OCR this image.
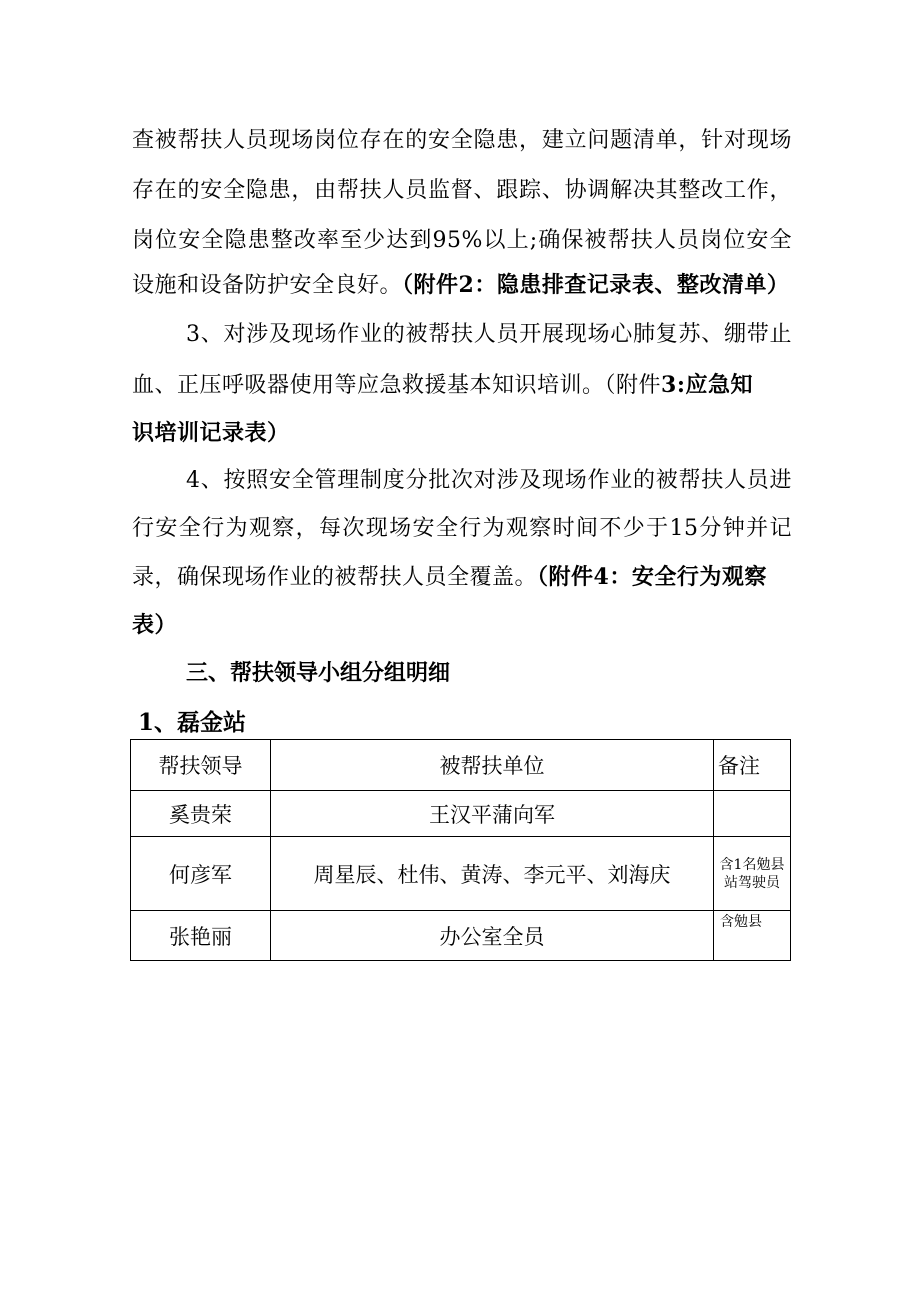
查被帮扶人员现场岗位存在的安全隐患，建立问题清单，针对现场
存在的安全隐患，由帮扶人员监督、跟踪、协调解决其整改工作，
岗位安全隐患整改率至少达到95%以上;确保被帮扶人员岗位安全
设施和设备防护安全良好。（附件2：隐患排查记录表、整改清单）
3、对涉及现场作业的被帮扶人员开展现场心肺复苏、绷带止
血、正压呼吸器使用等应急救援基本知识培训。（附件3:应急知
识培训记录表）
4、按照安全管理制度分批次对涉及现场作业的被帮扶人员进
行安全行为观察，每次现场安全行为观察时间不少于15分钟并记
录，确保现场作业的被帮扶人员全覆盖。（附件4：安全行为观察
表）
三、帮扶领导小组分组明细
1、磊金站
帮扶领导	被帮扶单位	备注
奚贵荣	王汉平蒲向军	
何彦军	周星辰、杜伟、黄涛、李元平、刘海庆	含1名勉县站驾驶员
张艳丽	办公室全员	含勉县
